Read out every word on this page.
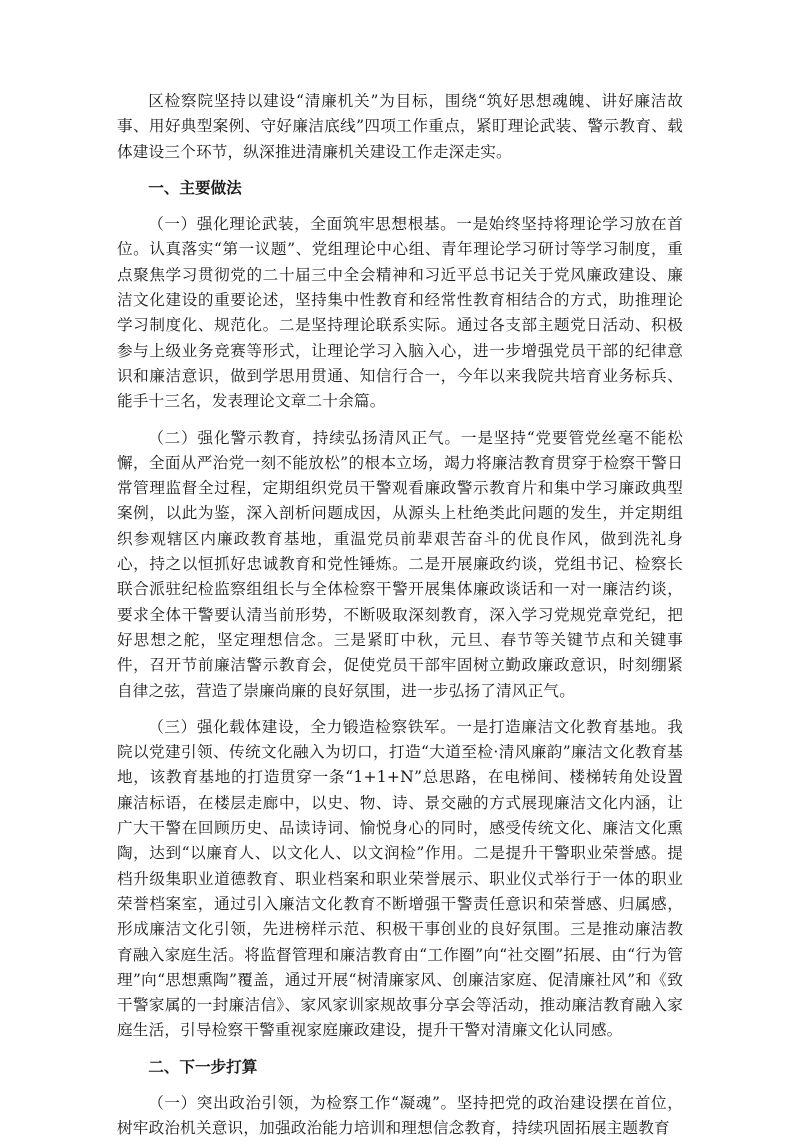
区检察院坚持以建设“清廉机关”为目标，围绕“筑好思想魂魄、讲好廉洁故事、用好典型案例、守好廉洁底线”四项工作重点，紧盯理论武装、警示教育、载体建设三个环节，纵深推进清廉机关建设工作走深走实。

一、主要做法

（一）强化理论武装，全面筑牢思想根基。一是始终坚持将理论学习放在首位。认真落实“第一议题”、党组理论中心组、青年理论学习研讨等学习制度，重点聚焦学习贯彻党的二十届三中全会精神和习近平总书记关于党风廉政建设、廉洁文化建设的重要论述，坚持集中性教育和经常性教育相结合的方式，助推理论学习制度化、规范化。二是坚持理论联系实际。通过各支部主题党日活动、积极参与上级业务竞赛等形式，让理论学习入脑入心，进一步增强党员干部的纪律意识和廉洁意识，做到学思用贯通、知信行合一，今年以来我院共培育业务标兵、能手十三名，发表理论文章二十余篇。

（二）强化警示教育，持续弘扬清风正气。一是坚持“党要管党丝毫不能松懈，全面从严治党一刻不能放松”的根本立场，竭力将廉洁教育贯穿于检察干警日常管理监督全过程，定期组织党员干警观看廉政警示教育片和集中学习廉政典型案例，以此为鉴，深入剖析问题成因，从源头上杜绝类此问题的发生，并定期组织参观辖区内廉政教育基地，重温党员前辈艰苦奋斗的优良作风，做到洗礼身心，持之以恒抓好忠诚教育和党性锤炼。二是开展廉政约谈，党组书记、检察长联合派驻纪检监察组组长与全体检察干警开展集体廉政谈话和一对一廉洁约谈，要求全体干警要认清当前形势，不断吸取深刻教育，深入学习党规党章党纪，把好思想之舵，坚定理想信念。三是紧盯中秋，元旦、春节等关键节点和关键事件，召开节前廉洁警示教育会，促使党员干部牢固树立勤政廉政意识，时刻绷紧自律之弦，营造了崇廉尚廉的良好氛围，进一步弘扬了清风正气。

（三）强化载体建设，全力锻造检察铁军。一是打造廉洁文化教育基地。我院以党建引领、传统文化融入为切口，打造“大道至检·清风廉韵”廉洁文化教育基地，该教育基地的打造贯穿一条“1+1+N”总思路，在电梯间、楼梯转角处设置廉洁标语，在楼层走廊中，以史、物、诗、景交融的方式展现廉洁文化内涵，让广大干警在回顾历史、品读诗词、愉悦身心的同时，感受传统文化、廉洁文化熏陶，达到“以廉育人、以文化人、以文润检”作用。二是提升干警职业荣誉感。提档升级集职业道德教育、职业档案和职业荣誉展示、职业仪式举行于一体的职业荣誉档案室，通过引入廉洁文化教育不断增强干警责任意识和荣誉感、归属感，形成廉洁文化引领，先进榜样示范、积极干事创业的良好氛围。三是推动廉洁教育融入家庭生活。将监督管理和廉洁教育由“工作圈”向“社交圈”拓展、由“行为管理”向“思想熏陶”覆盖，通过开展“树清廉家风、创廉洁家庭、促清廉社风”和《致干警家属的一封廉洁信》、家风家训家规故事分享会等活动，推动廉洁教育融入家庭生活，引导检察干警重视家庭廉政建设，提升干警对清廉文化认同感。

二、下一步打算

（一）突出政治引领，为检察工作“凝魂”。坚持把党的政治建设摆在首位，树牢政治机关意识，加强政治能力培训和理想信念教育，持续巩固拓展主题教育
